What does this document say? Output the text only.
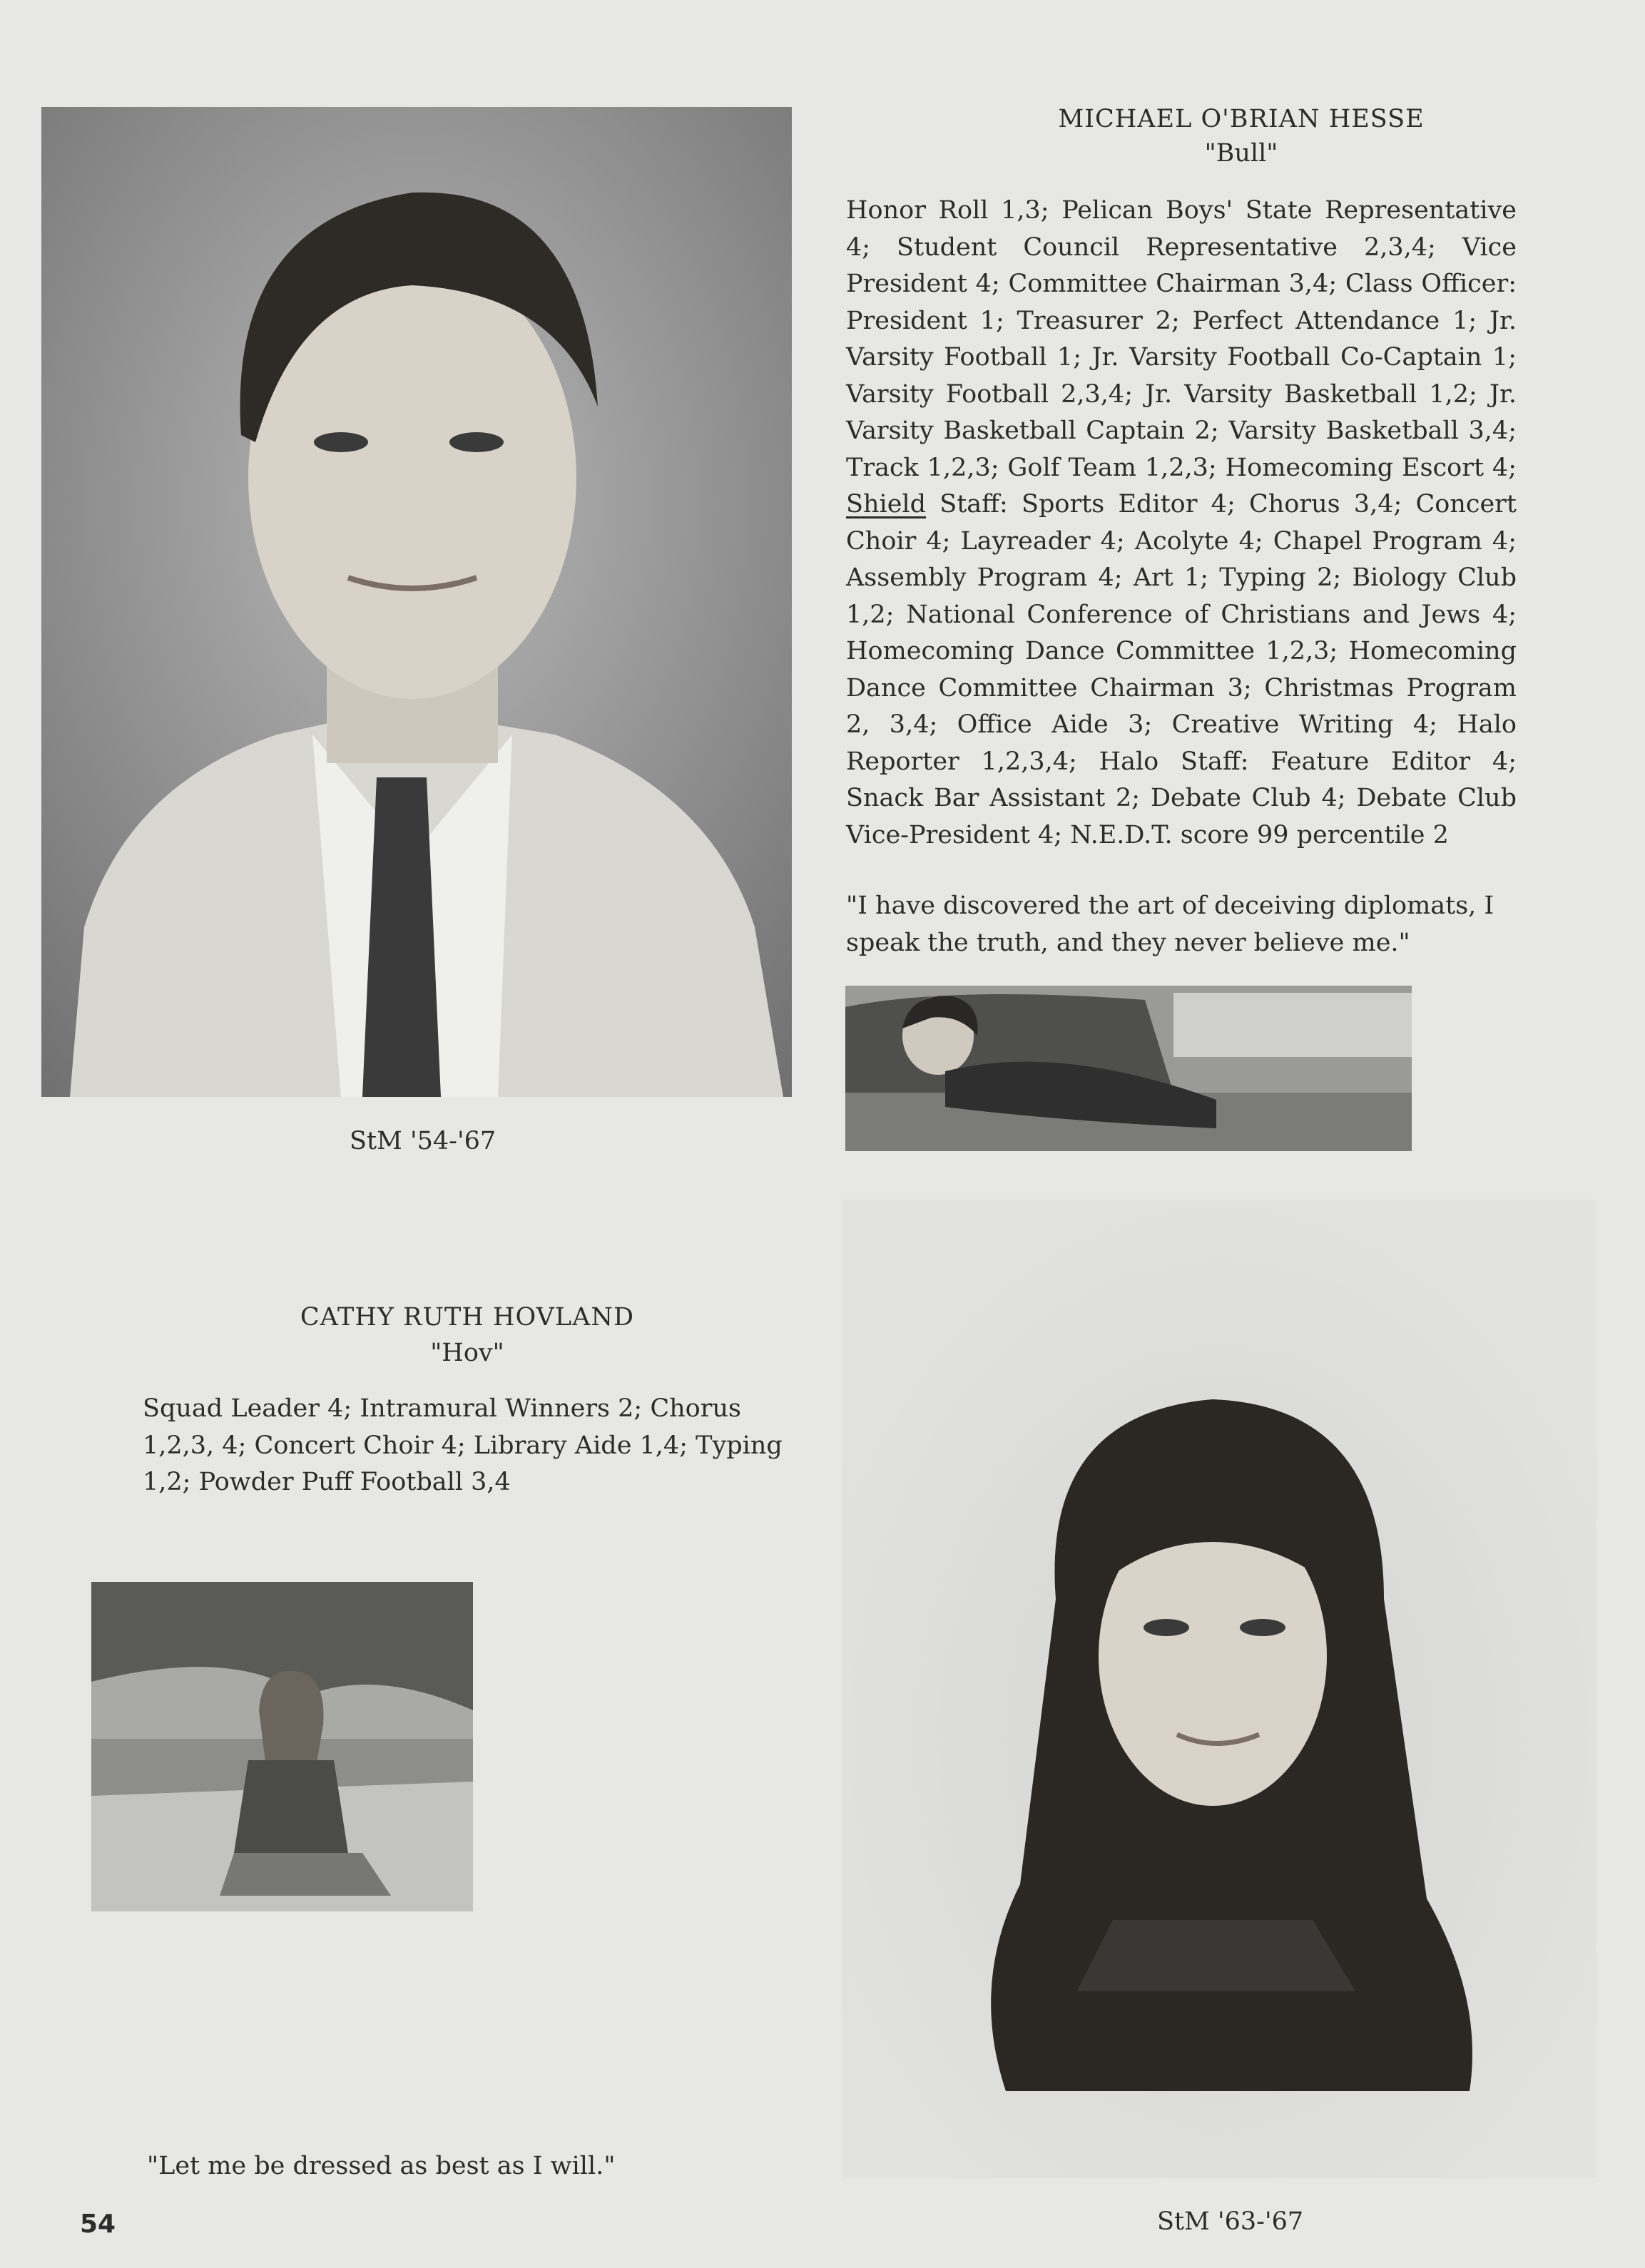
MICHAEL O'BRIAN HESSE
"Bull"
Honor Roll 1,3; Pelican Boys' State Representative 4; Student Council Representative 2,3,4; Vice President 4; Committee Chairman 3,4; Class Officer: President 1; Treasurer 2; Perfect Attendance 1; Jr. Varsity Football 1; Jr. Varsity Football Co-Captain 1; Varsity Football 2,3,4; Jr. Varsity Basketball 1,2; Jr. Varsity Basketball Captain 2; Varsity Basketball 3,4; Track 1,2,3; Golf Team 1,2,3; Homecoming Escort 4; Shield Staff: Sports Editor 4; Chorus 3,4; Concert Choir 4; Layreader 4; Acolyte 4; Chapel Program 4; Assembly Program 4; Art 1; Typing 2; Biology Club 1,2; National Conference of Christians and Jews 4; Homecoming Dance Committee 1,2,3; Homecoming Dance Committee Chairman 3; Christmas Program 2, 3,4; Office Aide 3; Creative Writing 4; Halo Reporter 1,2,3,4; Halo Staff: Feature Editor 4; Snack Bar Assistant 2; Debate Club 4; Debate Club Vice-President 4; N.E.D.T. score 99 percentile 2
"I have discovered the art of deceiving diplomats, I speak the truth, and they never believe me."
StM '54-'67
CATHY RUTH HOVLAND
"Hov"
Squad Leader 4; Intramural Winners 2; Chorus 1,2,3, 4; Concert Choir 4; Library Aide 1,4; Typing 1,2; Powder Puff Football 3,4
"Let me be dressed as best as I will."
54	StM '63-'67
